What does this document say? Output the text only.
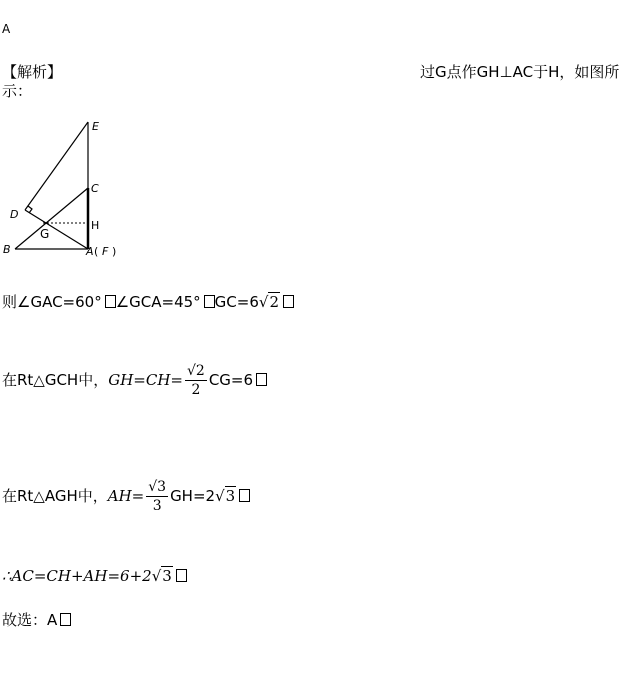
A
【解析】	过G点作GH⊥AC于H，如图所
示：
E
C
D
H
G
B	A ( F )
则∠GAC=60° ∠GCA=45° GC=6√2
在Rt△GCH中，$GH=CH= \frac{√2}{2} CG=6$
在Rt△AGH中，$AH= \frac{√3}{3} GH=2√3$
∴AC=CH+AH=6+2√3
故选：A
